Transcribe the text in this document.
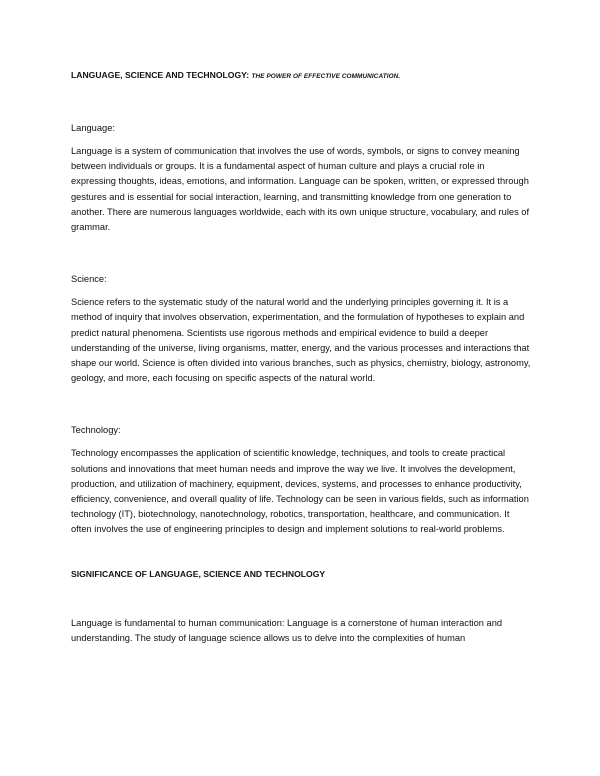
LANGUAGE, SCIENCE AND TECHNOLOGY: THE POWER OF EFFECTIVE COMMUNICATION.

Language:

Language is a system of communication that involves the use of words, symbols, or signs to convey meaning between individuals or groups. It is a fundamental aspect of human culture and plays a crucial role in expressing thoughts, ideas, emotions, and information. Language can be spoken, written, or expressed through gestures and is essential for social interaction, learning, and transmitting knowledge from one generation to another. There are numerous languages worldwide, each with its own unique structure, vocabulary, and rules of grammar.

Science:

Science refers to the systematic study of the natural world and the underlying principles governing it. It is a method of inquiry that involves observation, experimentation, and the formulation of hypotheses to explain and predict natural phenomena. Scientists use rigorous methods and empirical evidence to build a deeper understanding of the universe, living organisms, matter, energy, and the various processes and interactions that shape our world. Science is often divided into various branches, such as physics, chemistry, biology, astronomy, geology, and more, each focusing on specific aspects of the natural world.

Technology:

Technology encompasses the application of scientific knowledge, techniques, and tools to create practical solutions and innovations that meet human needs and improve the way we live. It involves the development, production, and utilization of machinery, equipment, devices, systems, and processes to enhance productivity, efficiency, convenience, and overall quality of life. Technology can be seen in various fields, such as information technology (IT), biotechnology, nanotechnology, robotics, transportation, healthcare, and communication. It often involves the use of engineering principles to design and implement solutions to real-world problems.

SIGNIFICANCE OF LANGUAGE, SCIENCE AND TECHNOLOGY

Language is fundamental to human communication: Language is a cornerstone of human interaction and understanding. The study of language science allows us to delve into the complexities of human
